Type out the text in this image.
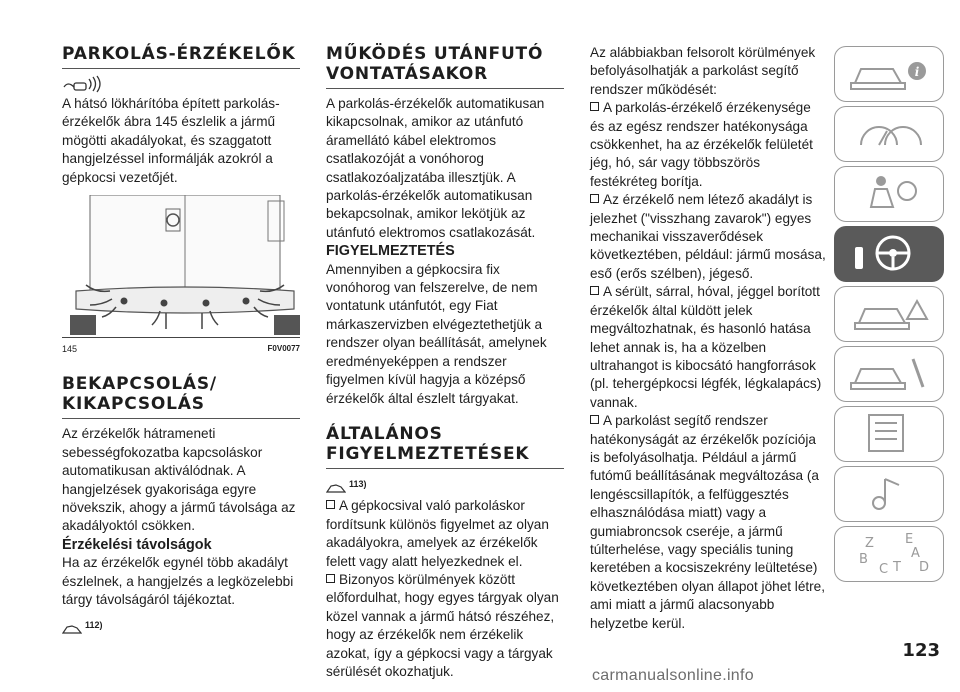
PARKOLÁS-ÉRZÉKELŐK

A hátsó lökhárítóba épített parkolás-érzékelők ábra 145 észlelik a jármű mögötti akadályokat, és szaggatott hangjelzéssel informálják azokról a gépkocsi vezetőjét.

145	F0V0077
BEKAPCSOLÁS/ KIKAPCSOLÁS

Az érzékelők hátrameneti sebességfokozatba kapcsoláskor automatikusan aktiválódnak. A hangjelzések gyakorisága egyre növekszik, ahogy a jármű távolsága az akadályoktól csökken.

Érzékelési távolságok

Ha az érzékelők egynél több akadályt észlelnek, a hangjelzés a legközelebbi tárgy távolságáról tájékoztat.

112)
MŰKÖDÉS UTÁNFUTÓ VONTATÁSAKOR

A parkolás-érzékelők automatikusan kikapcsolnak, amikor az utánfutó áramellátó kábel elektromos csatlakozóját a vonóhorog csatlakozóaljzatába illesztjük. A parkolás-érzékelők automatikusan bekapcsolnak, amikor lekötjük az utánfutó elektromos csatlakozását.

FIGYELMEZTETÉS

Amennyiben a gépkocsira fix vonóhorog van felszerelve, de nem vontatunk utánfutót, egy Fiat márkaszervizben elvégeztethetjük a rendszer olyan beállítását, amelynek eredményeképpen a rendszer figyelmen kívül hagyja a középső érzékelők által észlelt tárgyakat.

ÁLTALÁNOS FIGYELMEZTETÉSEK
113)

A gépkocsival való parkoláskor fordítsunk különös figyelmet az olyan akadályokra, amelyek az érzékelők felett vagy alatt helyezkednek el.

Bizonyos körülmények között előfordulhat, hogy egyes tárgyak olyan közel vannak a jármű hátsó részéhez, hogy az érzékelők nem érzékelik azokat, így a gépkocsi vagy a tárgyak sérülését okozhatjuk.

Az alábbiakban felsorolt körülmények befolyásolhatják a parkolást segítő rendszer működését:

A parkolás-érzékelő érzékenysége és az egész rendszer hatékonysága csökkenhet, ha az érzékelők felületét jég, hó, sár vagy többszörös festékréteg borítja.

Az érzékelő nem létező akadályt is jelezhet ("visszhang zavarok") egyes mechanikai visszaverődések következtében, például: jármű mosása, eső (erős szélben), jégeső.

A sérült, sárral, hóval, jéggel borított érzékelők által küldött jelek megváltozhatnak, és hasonló hatása lehet annak is, ha a közelben ultrahangot is kibocsátó hangforrások (pl. tehergépkocsi légfék, légkalapács) vannak.

A parkolást segítő rendszer hatékonyságát az érzékelők pozíciója is befolyásolhatja. Például a jármű futómű beállításának megváltozása (a lengéscsillapítók, a felfüggesztés elhasználódása miatt) vagy a gumiabroncsok cseréje, a jármű túlterhelése, vagy speciális tuning keretében a kocsiszekrény leültetése) következtében olyan állapot jöhet létre, ami miatt a jármű alacsonyabb helyzetbe kerül.

i
Z E
A
B
C T D
123
carmanualsonline.info
